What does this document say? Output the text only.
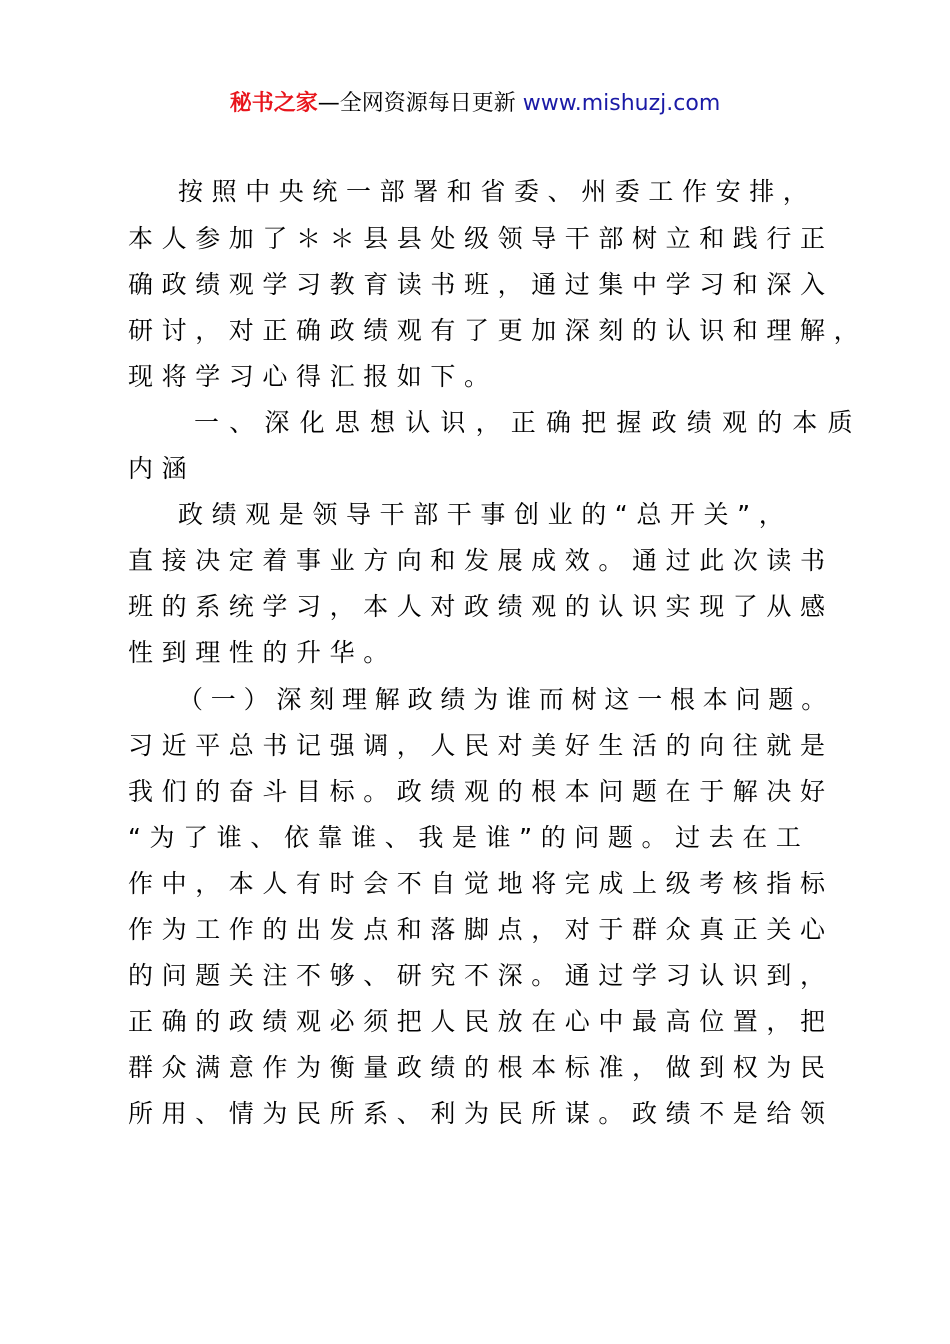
秘书之家—全网资源每日更新 www.mishuzj.com
按照中央统一部署和省委、州委工作安排，
本人参加了＊＊县县处级领导干部树立和践行正
确政绩观学习教育读书班，通过集中学习和深入
研讨，对正确政绩观有了更加深刻的认识和理解，
现将学习心得汇报如下。
一、深化思想认识，正确把握政绩观的本质
内涵
政绩观是领导干部干事创业的“总开关”，
直接决定着事业方向和发展成效。通过此次读书
班的系统学习，本人对政绩观的认识实现了从感
性到理性的升华。
（一）深刻理解政绩为谁而树这一根本问题。
习近平总书记强调，人民对美好生活的向往就是
我们的奋斗目标。政绩观的根本问题在于解决好
“为了谁、依靠谁、我是谁”的问题。过去在工
作中，本人有时会不自觉地将完成上级考核指标
作为工作的出发点和落脚点，对于群众真正关心
的问题关注不够、研究不深。通过学习认识到，
正确的政绩观必须把人民放在心中最高位置，把
群众满意作为衡量政绩的根本标准，做到权为民
所用、情为民所系、利为民所谋。政绩不是给领
